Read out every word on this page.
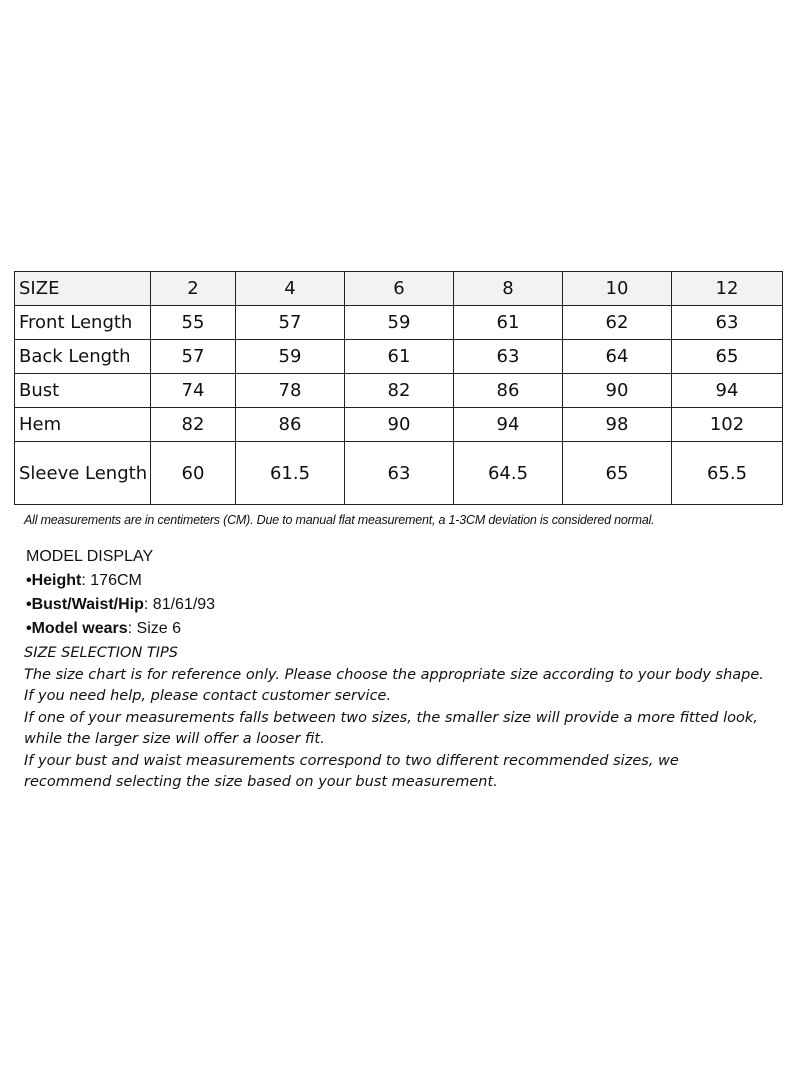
SIZE	2	4	6	8	10	12
Front Length	55	57	59	61	62	63
Back Length	57	59	61	63	64	65
Bust	74	78	82	86	90	94
Hem	82	86	90	94	98	102
Sleeve Length	60	61.5	63	64.5	65	65.5
All measurements are in centimeters (CM). Due to manual flat measurement, a 1-3CM deviation is considered normal.
MODEL DISPLAY
•Height: 176CM
•Bust/Waist/Hip: 81/61/93
•Model wears: Size 6
SIZE SELECTION TIPS
The size chart is for reference only. Please choose the appropriate size according to your body shape. If you need help, please contact customer service.
If one of your measurements falls between two sizes, the smaller size will provide a more fitted look, while the larger size will offer a looser fit.
If your bust and waist measurements correspond to two different recommended sizes, we recommend selecting the size based on your bust measurement.
